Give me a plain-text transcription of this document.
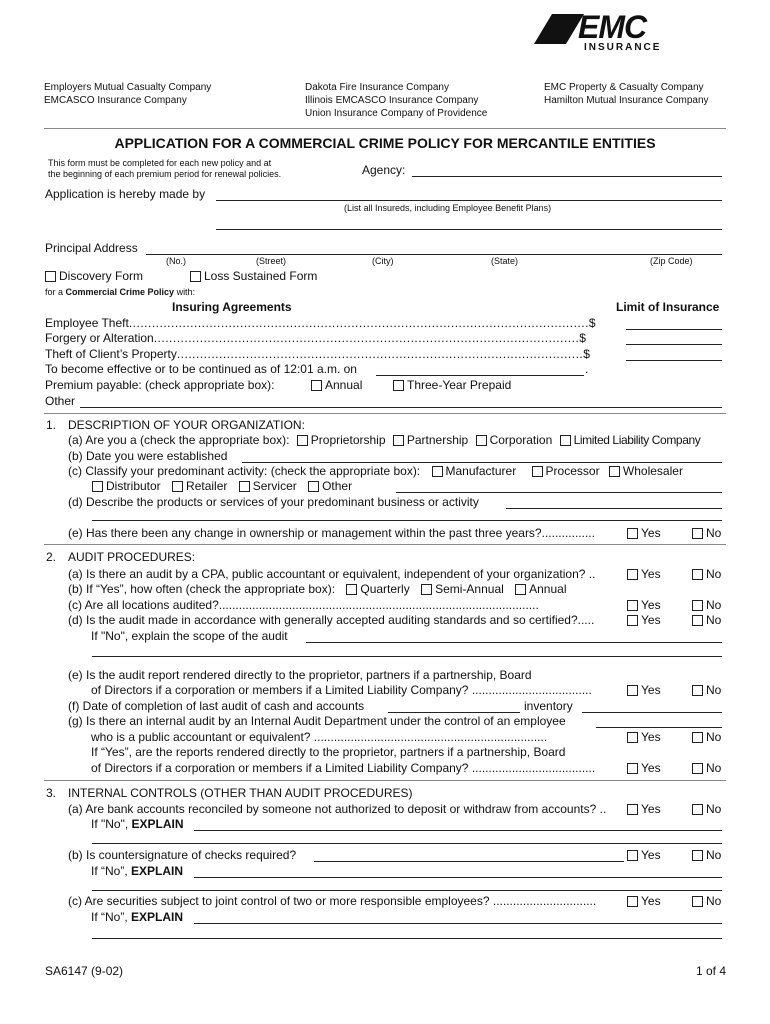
EMC
INSURANCE
Employers Mutual Casualty Company
EMCASCO Insurance Company
Dakota Fire Insurance Company
Illinois EMCASCO Insurance Company
Union Insurance Company of Providence
EMC Property & Casualty Company
Hamilton Mutual Insurance Company
APPLICATION FOR A COMMERCIAL CRIME POLICY FOR MERCANTILE ENTITIES
This form must be completed for each new policy and at
the beginning of each premium period for renewal policies.	Agency:
Application is hereby made by
(List all Insureds, including Employee Benefit Plans)
Principal Address
(No.)	(Street)	(City)	(State)	(Zip Code)
Discovery Form	Loss Sustained Form
for a Commercial Crime Policy with:
Insuring Agreements	Limit of Insurance
Employee Theft........................................................................................................................$
Forgery or Alteration...............................................................................................................$
Theft of Client’s Property..........................................................................................................$
To become effective or to be continued as of 12:01 a.m. on	.
Premium payable: (check appropriate box):	Annual	Three-Year Prepaid
Other
1. DESCRIPTION OF YOUR ORGANIZATION:
(a) Are you a (check the appropriate box): Proprietorship Partnership Corporation Limited Liability Company
(b) Date you were established
(c) Classify your predominant activity: (check the appropriate box): Manufacturer Processor Wholesaler
Distributor Retailer Servicer Other
(d) Describe the products or services of your predominant business or activity
(e) Has there been any change in ownership or management within the past three years?................	Yes	No
2. AUDIT PROCEDURES:
(a) Is there an audit by a CPA, public accountant or equivalent, independent of your organization? ..	Yes	No
(b) If “Yes”, how often (check the appropriate box): Quarterly Semi-Annual Annual
(c) Are all locations audited?................................................................................................	Yes	No
(d) Is the audit made in accordance with generally accepted auditing standards and so certified?.....	Yes	No
If "No", explain the scope of the audit
(e) Is the audit report rendered directly to the proprietor, partners if a partnership, Board
of Directors if a corporation or members if a Limited Liability Company? ....................................	Yes	No
(f) Date of completion of last audit of cash and accounts	inventory
(g) Is there an internal audit by an Internal Audit Department under the control of an employee
who is a public accountant or equivalent? ......................................................................	Yes	No
If “Yes”, are the reports rendered directly to the proprietor, partners if a partnership, Board
of Directors if a corporation or members if a Limited Liability Company? .....................................	Yes	No
3. INTERNAL CONTROLS (OTHER THAN AUDIT PROCEDURES)
(a) Are bank accounts reconciled by someone not authorized to deposit or withdraw from accounts? ..	Yes	No
If "No", EXPLAIN
(b) Is countersignature of checks required?	Yes	No
If “No”, EXPLAIN
(c) Are securities subject to joint control of two or more responsible employees? ...............................	Yes	No
If “No”, EXPLAIN
SA6147 (9-02)	1 of 4
